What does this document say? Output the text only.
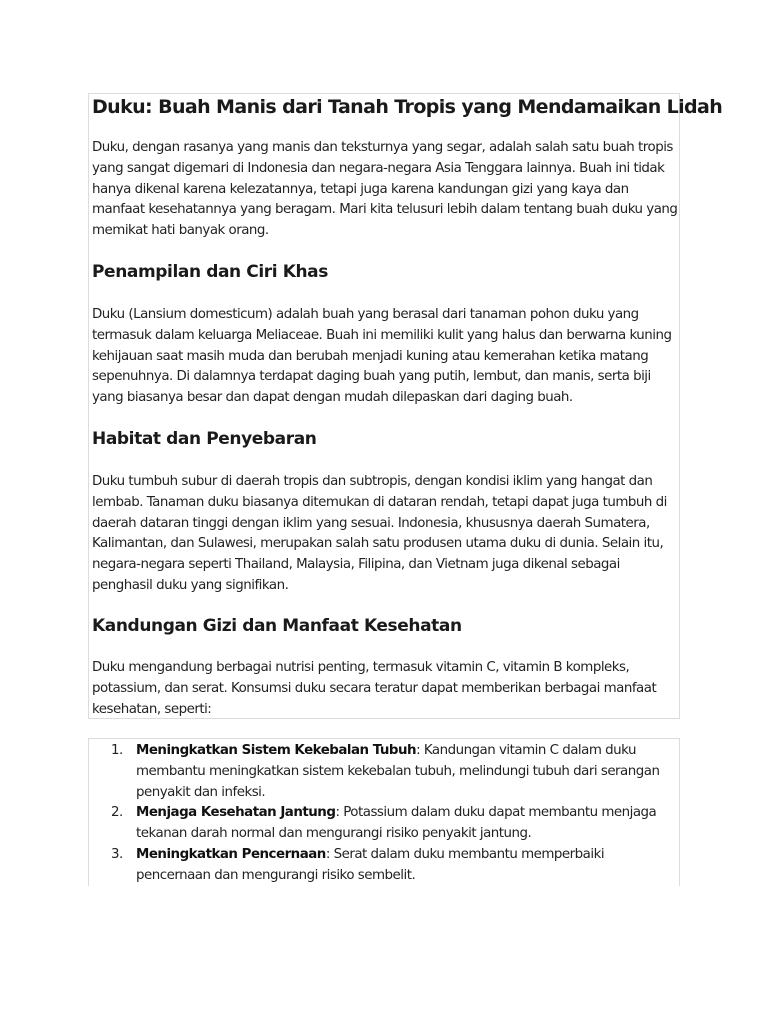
Duku: Buah Manis dari Tanah Tropis yang Mendamaikan Lidah

Duku, dengan rasanya yang manis dan teksturnya yang segar, adalah salah satu buah tropis yang sangat digemari di Indonesia dan negara-negara Asia Tenggara lainnya. Buah ini tidak hanya dikenal karena kelezatannya, tetapi juga karena kandungan gizi yang kaya dan manfaat kesehatannya yang beragam. Mari kita telusuri lebih dalam tentang buah duku yang memikat hati banyak orang.

Penampilan dan Ciri Khas

Duku (Lansium domesticum) adalah buah yang berasal dari tanaman pohon duku yang termasuk dalam keluarga Meliaceae. Buah ini memiliki kulit yang halus dan berwarna kuning kehijauan saat masih muda dan berubah menjadi kuning atau kemerahan ketika matang sepenuhnya. Di dalamnya terdapat daging buah yang putih, lembut, dan manis, serta biji yang biasanya besar dan dapat dengan mudah dilepaskan dari daging buah.

Habitat dan Penyebaran

Duku tumbuh subur di daerah tropis dan subtropis, dengan kondisi iklim yang hangat dan lembab. Tanaman duku biasanya ditemukan di dataran rendah, tetapi dapat juga tumbuh di daerah dataran tinggi dengan iklim yang sesuai. Indonesia, khususnya daerah Sumatera, Kalimantan, dan Sulawesi, merupakan salah satu produsen utama duku di dunia. Selain itu, negara-negara seperti Thailand, Malaysia, Filipina, dan Vietnam juga dikenal sebagai penghasil duku yang signifikan.

Kandungan Gizi dan Manfaat Kesehatan

Duku mengandung berbagai nutrisi penting, termasuk vitamin C, vitamin B kompleks, potassium, dan serat. Konsumsi duku secara teratur dapat memberikan berbagai manfaat kesehatan, seperti:

1. Meningkatkan Sistem Kekebalan Tubuh: Kandungan vitamin C dalam duku membantu meningkatkan sistem kekebalan tubuh, melindungi tubuh dari serangan penyakit dan infeksi.
2. Menjaga Kesehatan Jantung: Potassium dalam duku dapat membantu menjaga tekanan darah normal dan mengurangi risiko penyakit jantung.
3. Meningkatkan Pencernaan: Serat dalam duku membantu memperbaiki pencernaan dan mengurangi risiko sembelit.
